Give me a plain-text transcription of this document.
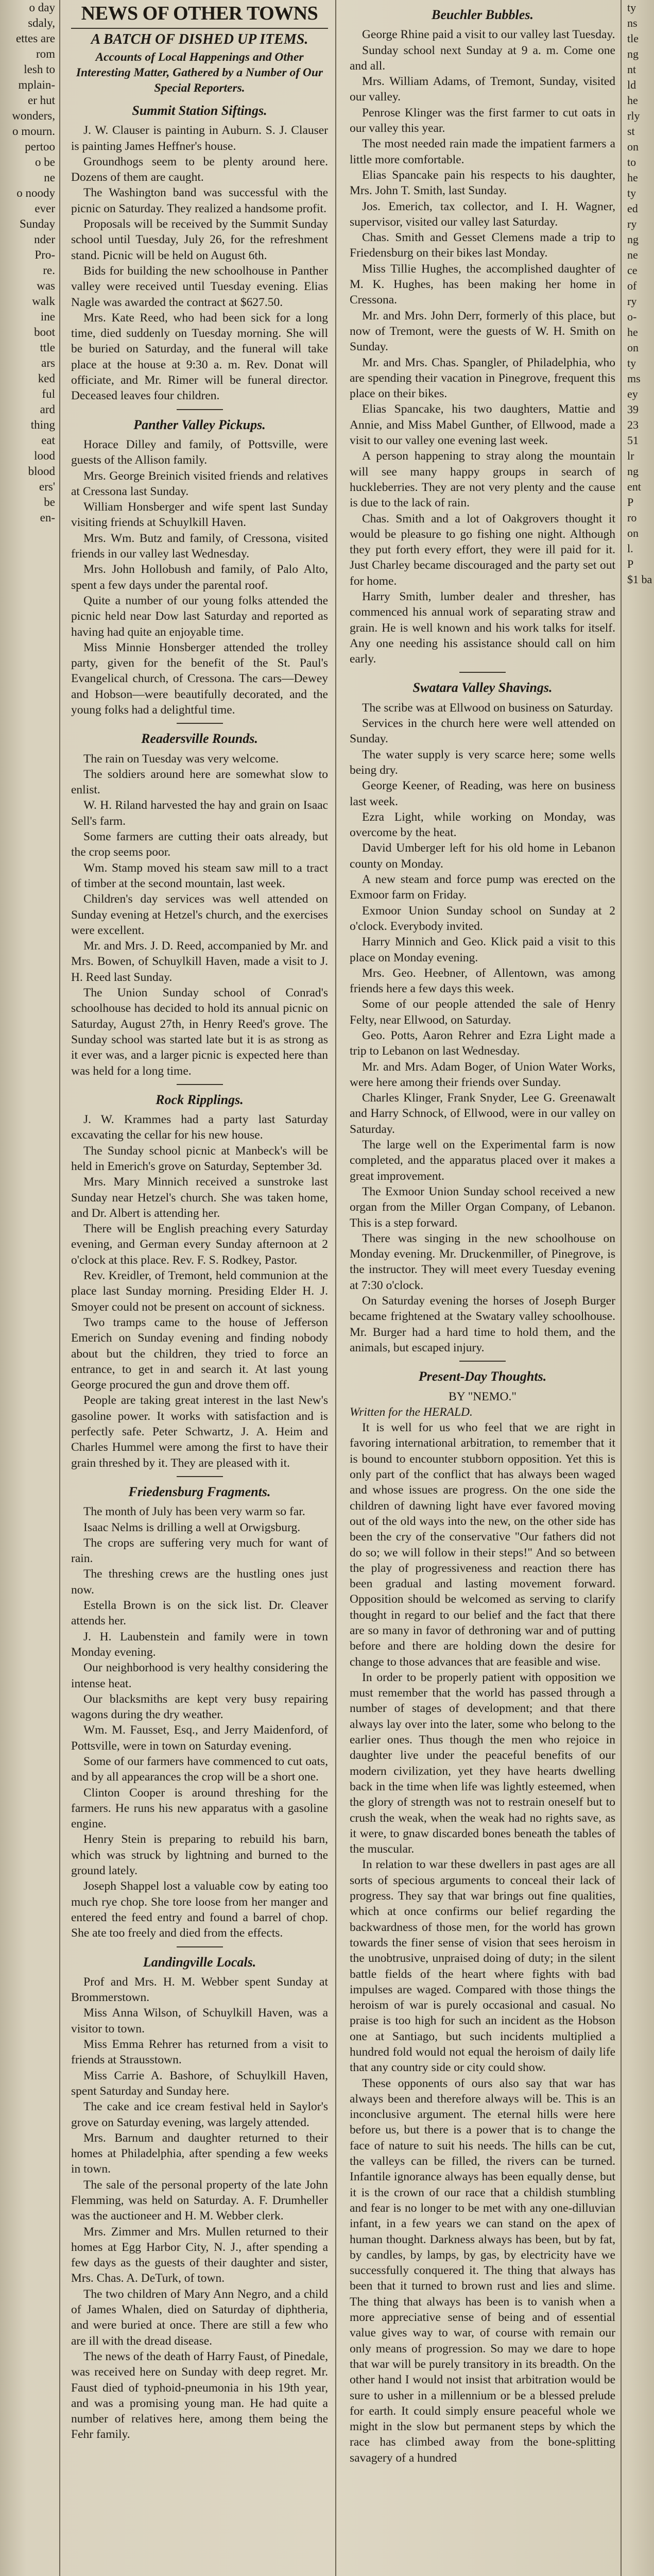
o day
sdaly,
ettes are
rom
lesh to
mplain-
er hut
wonders,
o mourn.
pertoo
o be
ne
o noody
ever
Sunday
nder
Pro-
re.
was
walk
ine
boot
ttle
ars
ked
ful
ard
thing
eat
lood
blood
ers'
be
en-
NEWS OF OTHER TOWNS
A BATCH OF DISHED UP ITEMS.
Accounts of Local Happenings and Other Interesting Matter, Gathered by a Number of Our Special Reporters.
Summit Station Siftings.

J. W. Clauser is painting in Auburn. S. J. Clauser is painting James Heffner's house.

Groundhogs seem to be plenty around here. Dozens of them are caught.

The Washington band was successful with the picnic on Saturday. They realized a handsome profit.

Proposals will be received by the Summit Sunday school until Tuesday, July 26, for the refreshment stand. Picnic will be held on August 6th.

Bids for building the new schoolhouse in Panther valley were received until Tuesday evening. Elias Nagle was awarded the contract at $627.50.

Mrs. Kate Reed, who had been sick for a long time, died suddenly on Tuesday morning. She will be buried on Saturday, and the funeral will take place at the house at 9:30 a. m. Rev. Donat will officiate, and Mr. Rimer will be funeral director. Deceased leaves four children.

Panther Valley Pickups.

Horace Dilley and family, of Pottsville, were guests of the Allison family.

Mrs. George Breinich visited friends and relatives at Cressona last Sunday.

William Honsberger and wife spent last Sunday visiting friends at Schuylkill Haven.

Mrs. Wm. Butz and family, of Cressona, visited friends in our valley last Wednesday.

Mrs. John Hollobush and family, of Palo Alto, spent a few days under the parental roof.

Quite a number of our young folks attended the picnic held near Dow last Saturday and reported as having had quite an enjoyable time.

Miss Minnie Honsberger attended the trolley party, given for the benefit of the St. Paul's Evangelical church, of Cressona. The cars—Dewey and Hobson—were beautifully decorated, and the young folks had a delightful time.

Readersville Rounds.

The rain on Tuesday was very welcome.

The soldiers around here are somewhat slow to enlist.

W. H. Riland harvested the hay and grain on Isaac Sell's farm.

Some farmers are cutting their oats already, but the crop seems poor.

Wm. Stamp moved his steam saw mill to a tract of timber at the second mountain, last week.

Children's day services was well attended on Sunday evening at Hetzel's church, and the exercises were excellent.

Mr. and Mrs. J. D. Reed, accompanied by Mr. and Mrs. Bowen, of Schuylkill Haven, made a visit to J. H. Reed last Sunday.

The Union Sunday school of Conrad's schoolhouse has decided to hold its annual picnic on Saturday, August 27th, in Henry Reed's grove. The Sunday school was started late but it is as strong as it ever was, and a larger picnic is expected here than was held for a long time.

Rock Ripplings.

J. W. Krammes had a party last Saturday excavating the cellar for his new house.

The Sunday school picnic at Manbeck's will be held in Emerich's grove on Saturday, September 3d.

Mrs. Mary Minnich received a sunstroke last Sunday near Hetzel's church. She was taken home, and Dr. Albert is attending her.

There will be English preaching every Saturday evening, and German every Sunday afternoon at 2 o'clock at this place. Rev. F. S. Rodkey, Pastor.

Rev. Kreidler, of Tremont, held communion at the place last Sunday morning. Presiding Elder H. J. Smoyer could not be present on account of sickness.

Two tramps came to the house of Jefferson Emerich on Sunday evening and finding nobody about but the children, they tried to force an entrance, to get in and search it. At last young George procured the gun and drove them off.

People are taking great interest in the last New's gasoline power. It works with satisfaction and is perfectly safe. Peter Schwartz, J. A. Heim and Charles Hummel were among the first to have their grain threshed by it. They are pleased with it.

Friedensburg Fragments.

The month of July has been very warm so far.

Isaac Nelms is drilling a well at Orwigsburg.

The crops are suffering very much for want of rain.

The threshing crews are the hustling ones just now.

Estella Brown is on the sick list. Dr. Cleaver attends her.

J. H. Laubenstein and family were in town Monday evening.

Our neighborhood is very healthy considering the intense heat.

Our blacksmiths are kept very busy repairing wagons during the dry weather.

Wm. M. Fausset, Esq., and Jerry Maidenford, of Pottsville, were in town on Saturday evening.

Some of our farmers have commenced to cut oats, and by all appearances the crop will be a short one.

Clinton Cooper is around threshing for the farmers. He runs his new apparatus with a gasoline engine.

Henry Stein is preparing to rebuild his barn, which was struck by lightning and burned to the ground lately.

Joseph Shappel lost a valuable cow by eating too much rye chop. She tore loose from her manger and entered the feed entry and found a barrel of chop. She ate too freely and died from the effects.

Landingville Locals.

Prof and Mrs. H. M. Webber spent Sunday at Brommerstown.

Miss Anna Wilson, of Schuylkill Haven, was a visitor to town.

Miss Emma Rehrer has returned from a visit to friends at Strausstown.

Miss Carrie A. Bashore, of Schuylkill Haven, spent Saturday and Sunday here.

The cake and ice cream festival held in Saylor's grove on Saturday evening, was largely attended.

Mrs. Barnum and daughter returned to their homes at Philadelphia, after spending a few weeks in town.

The sale of the personal property of the late John Flemming, was held on Saturday. A. F. Drumheller was the auctioneer and H. M. Webber clerk.

Mrs. Zimmer and Mrs. Mullen returned to their homes at Egg Harbor City, N. J., after spending a few days as the guests of their daughter and sister, Mrs. Chas. A. DeTurk, of town.

The two children of Mary Ann Negro, and a child of James Whalen, died on Saturday of diphtheria, and were buried at once. There are still a few who are ill with the dread disease.

The news of the death of Harry Faust, of Pinedale, was received here on Sunday with deep regret. Mr. Faust died of typhoid-pneumonia in his 19th year, and was a promising young man. He had quite a number of relatives here, among them being the Fehr family.

Beuchler Bubbles.

George Rhine paid a visit to our valley last Tuesday.

Sunday school next Sunday at 9 a. m. Come one and all.

Mrs. William Adams, of Tremont, Sunday, visited our valley.

Penrose Klinger was the first farmer to cut oats in our valley this year.

The most needed rain made the impatient farmers a little more comfortable.

Elias Spancake pain his respects to his daughter, Mrs. John T. Smith, last Sunday.

Jos. Emerich, tax collector, and I. H. Wagner, supervisor, visited our valley last Saturday.

Chas. Smith and Gesset Clemens made a trip to Friedensburg on their bikes last Monday.

Miss Tillie Hughes, the accomplished daughter of M. K. Hughes, has been making her home in Cressona.

Mr. and Mrs. John Derr, formerly of this place, but now of Tremont, were the guests of W. H. Smith on Sunday.

Mr. and Mrs. Chas. Spangler, of Philadelphia, who are spending their vacation in Pinegrove, frequent this place on their bikes.

Elias Spancake, his two daughters, Mattie and Annie, and Miss Mabel Gunther, of Ellwood, made a visit to our valley one evening last week.

A person happening to stray along the mountain will see many happy groups in search of huckleberries. They are not very plenty and the cause is due to the lack of rain.

Chas. Smith and a lot of Oakgrovers thought it would be pleasure to go fishing one night. Although they put forth every effort, they were ill paid for it. Just Charley became discouraged and the party set out for home.

Harry Smith, lumber dealer and thresher, has commenced his annual work of separating straw and grain. He is well known and his work talks for itself. Any one needing his assistance should call on him early.

Swatara Valley Shavings.

The scribe was at Ellwood on business on Saturday.

Services in the church here were well attended on Sunday.

The water supply is very scarce here; some wells being dry.

George Keener, of Reading, was here on business last week.

Ezra Light, while working on Monday, was overcome by the heat.

David Umberger left for his old home in Lebanon county on Monday.

A new steam and force pump was erected on the Exmoor farm on Friday.

Exmoor Union Sunday school on Sunday at 2 o'clock. Everybody invited.

Harry Minnich and Geo. Klick paid a visit to this place on Monday evening.

Mrs. Geo. Heebner, of Allentown, was among friends here a few days this week.

Some of our people attended the sale of Henry Felty, near Ellwood, on Saturday.

Geo. Potts, Aaron Rehrer and Ezra Light made a trip to Lebanon on last Wednesday.

Mr. and Mrs. Adam Boger, of Union Water Works, were here among their friends over Sunday.

Charles Klinger, Frank Snyder, Lee G. Greenawalt and Harry Schnock, of Ellwood, were in our valley on Saturday.

The large well on the Experimental farm is now completed, and the apparatus placed over it makes a great improvement.

The Exmoor Union Sunday school received a new organ from the Miller Organ Company, of Lebanon. This is a step forward.

There was singing in the new schoolhouse on Monday evening. Mr. Druckenmiller, of Pinegrove, is the instructor. They will meet every Tuesday evening at 7:30 o'clock.

On Saturday evening the horses of Joseph Burger became frightened at the Swatary valley schoolhouse. Mr. Burger had a hard time to hold them, and the animals, but escaped injury.

Present-Day Thoughts.
BY "NEMO."

Written for the HERALD.

It is well for us who feel that we are right in favoring international arbitration, to remember that it is bound to encounter stubborn opposition. Yet this is only part of the conflict that has always been waged and whose issues are progress. On the one side the children of dawning light have ever favored moving out of the old ways into the new, on the other side has been the cry of the conservative "Our fathers did not do so; we will follow in their steps!" And so between the play of progressiveness and reaction there has been gradual and lasting movement forward. Opposition should be welcomed as serving to clarify thought in regard to our belief and the fact that there are so many in favor of dethroning war and of putting before and there are holding down the desire for change to those advances that are feasible and wise.

In order to be properly patient with opposition we must remember that the world has passed through a number of stages of development; and that there always lay over into the later, some who belong to the earlier ones. Thus though the men who rejoice in daughter live under the peaceful benefits of our modern civilization, yet they have hearts dwelling back in the time when life was lightly esteemed, when the glory of strength was not to restrain oneself but to crush the weak, when the weak had no rights save, as it were, to gnaw discarded bones beneath the tables of the muscular.

In relation to war these dwellers in past ages are all sorts of specious arguments to conceal their lack of progress. They say that war brings out fine qualities, which at once confirms our belief regarding the backwardness of those men, for the world has grown towards the finer sense of vision that sees heroism in the unobtrusive, unpraised doing of duty; in the silent battle fields of the heart where fights with bad impulses are waged. Compared with those things the heroism of war is purely occasional and casual. No praise is too high for such an incident as the Hobson one at Santiago, but such incidents multiplied a hundred fold would not equal the heroism of daily life that any country side or city could show.

These opponents of ours also say that war has always been and therefore always will be. This is an inconclusive argument. The eternal hills were here before us, but there is a power that is to change the face of nature to suit his needs. The hills can be cut, the valleys can be filled, the rivers can be turned. Infantile ignorance always has been equally dense, but it is the crown of our race that a childish stumbling and fear is no longer to be met with any one-dilluvian infant, in a few years we can stand on the apex of human thought. Darkness always has been, but by fat, by candles, by lamps, by gas, by electricity have we successfully conquered it. The thing that always has been that it turned to brown rust and lies and slime. The thing that always has been is to vanish when a more appreciative sense of being and of essential value gives way to war, of course with remain our only means of progression. So may we dare to hope that war will be purely transitory in its breadth. On the other hand I would not insist that arbitration would be sure to usher in a millennium or be a blessed prelude for earth. It could simply ensure peaceful whole we might in the slow but permanent steps by which the race has climbed away from the bone-splitting savagery of a hundred

ty
ns
tle
ng
nt
ld
he
rly
st
on
to
he
ty
ed
ry
ng
ne
ce
of
ry
o-
he
on
ty
ms
ey
39
23
51
lr
ng
ent
P
ro
on
l.
P
$1 ba
